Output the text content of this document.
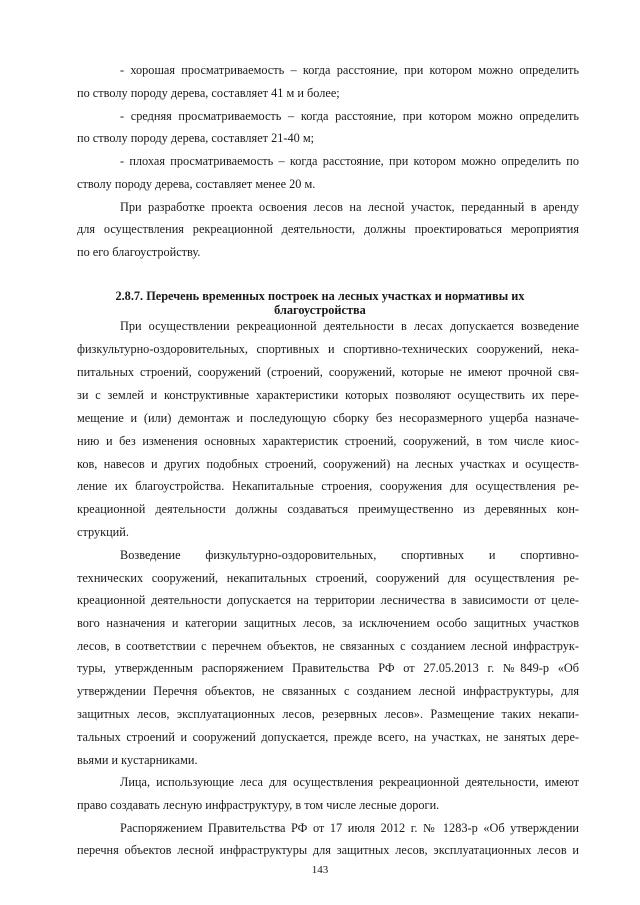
- хорошая просматриваемость – когда расстояние, при котором можно определить
по стволу породу дерева, составляет 41 м и более;
- средняя просматриваемость – когда расстояние, при котором можно определить
по стволу породу дерева, составляет 21-40 м;
- плохая просматриваемость – когда расстояние, при котором можно определить по
стволу породу дерева, составляет менее 20 м.
При разработке проекта освоения лесов на лесной участок, переданный в аренду
для осуществления рекреационной деятельности, должны проектироваться мероприятия
по его благоустройству.
2.8.7. Перечень временных построек на лесных участках и нормативы их
благоустройства
При осуществлении рекреационной деятельности в лесах допускается возведение
физкультурно-оздоровительных, спортивных и спортивно-технических сооружений, нека-
питальных строений, сооружений (строений, сооружений, которые не имеют прочной свя-
зи с землей и конструктивные характеристики которых позволяют осуществить их пере-
мещение и (или) демонтаж и последующую сборку без несоразмерного ущерба назначе-
нию и без изменения основных характеристик строений, сооружений, в том числе киос-
ков, навесов и других подобных строений, сооружений) на лесных участках и осуществ-
ление их благоустройства. Некапитальные строения, сооружения для осуществления ре-
креационной деятельности должны создаваться преимущественно из деревянных кон-
струкций.
Возведение физкультурно-оздоровительных, спортивных и спортивно-
технических сооружений, некапитальных строений, сооружений для осуществления ре-
креационной деятельности допускается на территории лесничества в зависимости от целе-
вого назначения и категории защитных лесов, за исключением особо защитных участков
лесов, в соответствии с перечнем объектов, не связанных с созданием лесной инфраструк-
туры, утвержденным распоряжением Правительства РФ от 27.05.2013 г. №849-р «Об
утверждении Перечня объектов, не связанных с созданием лесной инфраструктуры, для
защитных лесов, эксплуатационных лесов, резервных лесов». Размещение таких некапи-
тальных строений и сооружений допускается, прежде всего, на участках, не занятых дере-
вьями и кустарниками.
Лица, использующие леса для осуществления рекреационной деятельности, имеют
право создавать лесную инфраструктуру, в том числе лесные дороги.
Распоряжением Правительства РФ от 17 июля 2012 г. № 1283-р «Об утверждении
перечня объектов лесной инфраструктуры для защитных лесов, эксплуатационных лесов и
143
